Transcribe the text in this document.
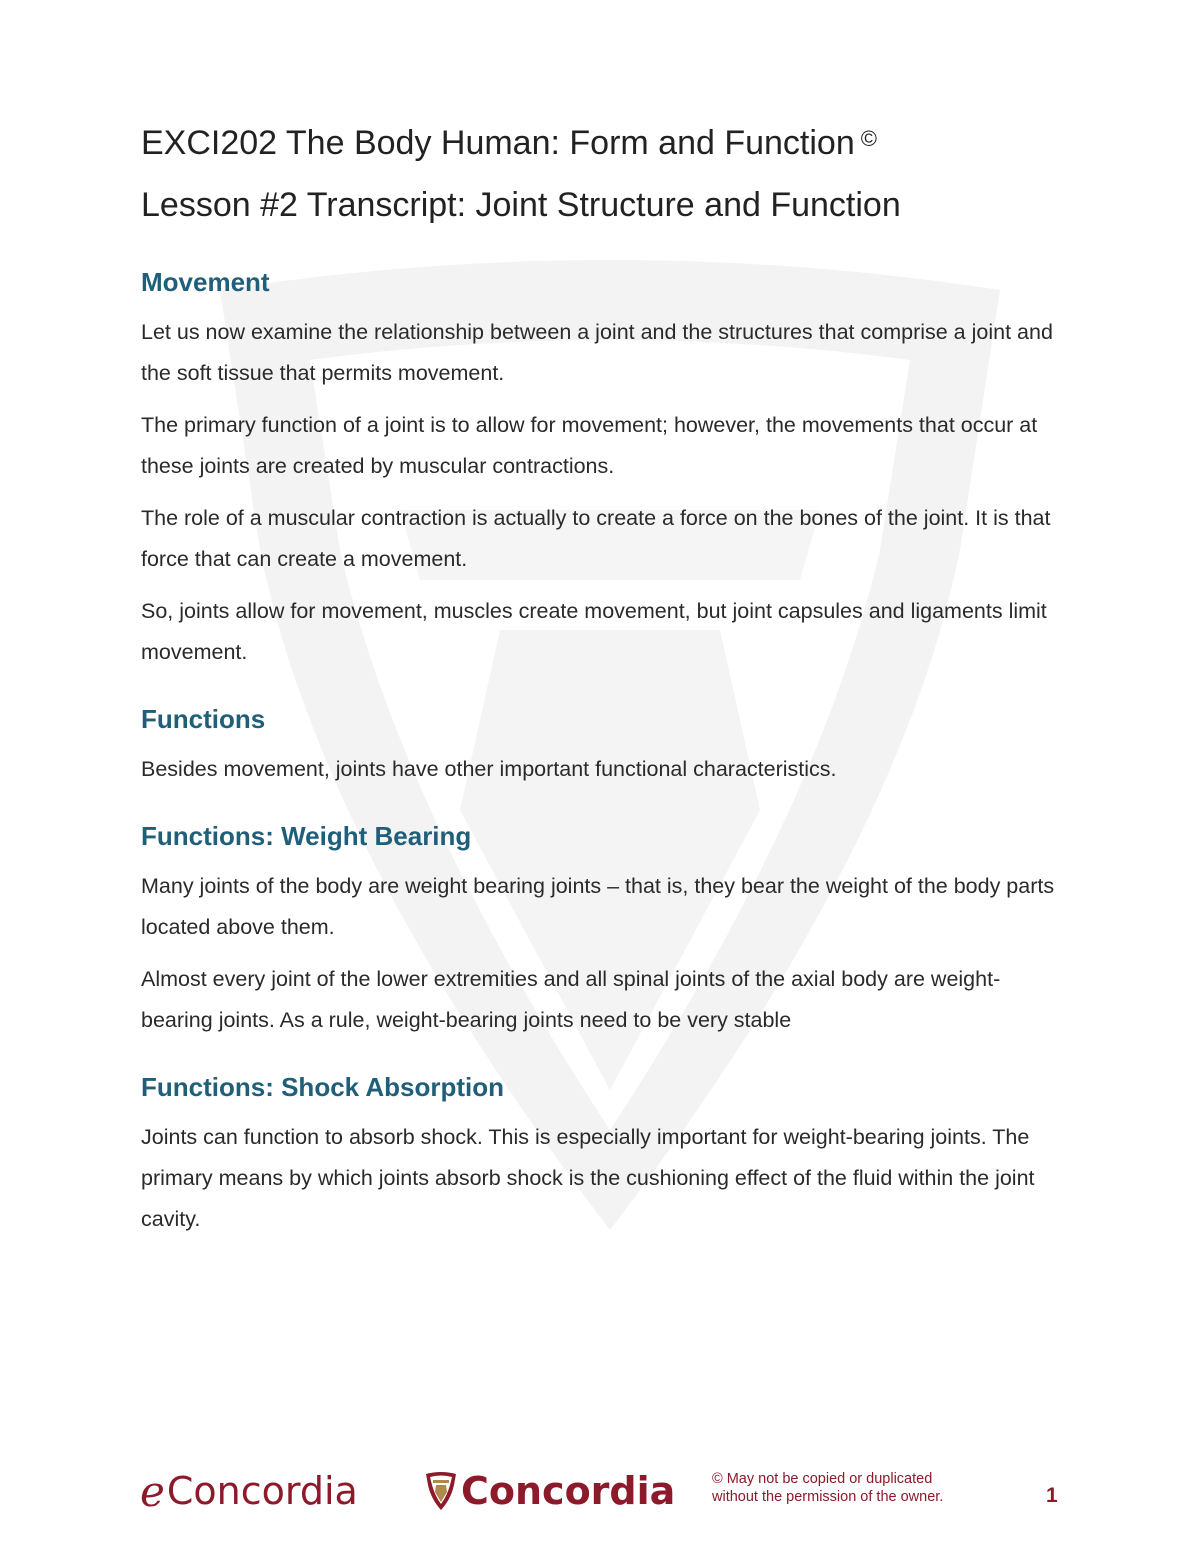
EXCI202 The Body Human: Form and Function ©
Lesson #2 Transcript: Joint Structure and Function
Movement

Let us now examine the relationship between a joint and the structures that comprise a joint and the soft tissue that permits movement.

The primary function of a joint is to allow for movement; however, the movements that occur at these joints are created by muscular contractions.

The role of a muscular contraction is actually to create a force on the bones of the joint. It is that force that can create a movement.

So, joints allow for movement, muscles create movement, but joint capsules and ligaments limit movement.

Functions

Besides movement, joints have other important functional characteristics.

Functions: Weight Bearing

Many joints of the body are weight bearing joints – that is, they bear the weight of the body parts located above them.

Almost every joint of the lower extremities and all spinal joints of the axial body are weight-bearing joints. As a rule, weight-bearing joints need to be very stable

Functions: Shock Absorption

Joints can function to absorb shock. This is especially important for weight-bearing joints. The primary means by which joints absorb shock is the cushioning effect of the fluid within the joint cavity.

e Concordia	Concordia	© May not be copied or duplicated
without the permission of the owner.	1
